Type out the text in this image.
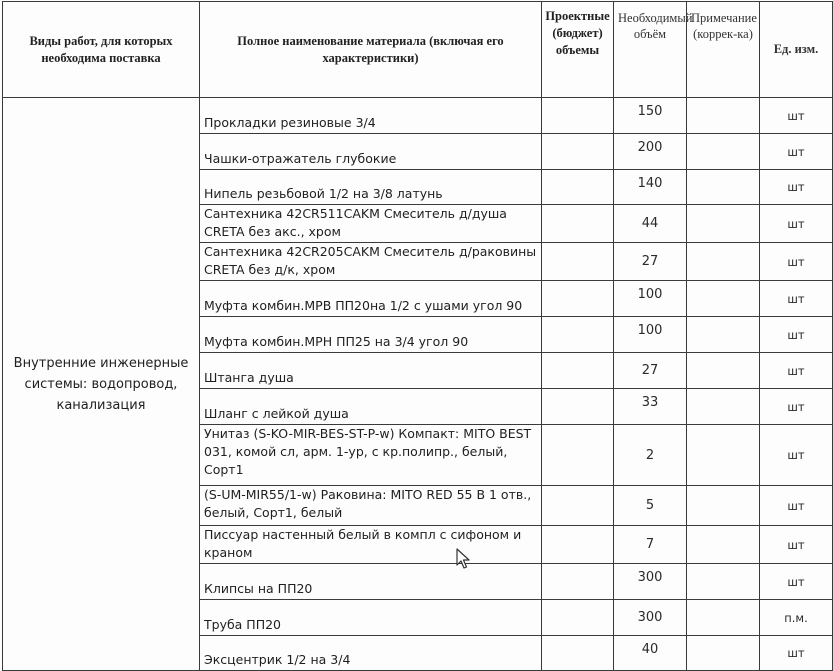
Виды работ, для которых необходима поставка	Полное наименование материала (включая его характеристики)	Проектные (бюджет) объемы	Необходимый объём	Примечание (коррек-ка)	Ед. изм.
Внутренние инженерные системы: водопровод, канализация	Прокладки резиновые 3/4		150		шт
	Чашки-отражатель глубокие		200		шт
	Нипель резьбовой 1/2 на 3/8 латунь		140		шт
	Сантехника 42CR511CAKM Смеситель д/душа CRETA без акс., хром		44		шт
	Сантехника 42CR205CAKM Смеситель д/раковины CRETA без д/к, хром		27		шт
	Муфта комбин.МРВ ПП20на 1/2 с ушами угол 90		100		шт
	Муфта комбин.МРН ПП25 на 3/4 угол 90		100		шт
	Штанга душа		27		шт
	Шланг с лейкой душа		33		шт
	Унитаз (S-KO-MIR-BES-ST-P-w) Компакт: MITO BEST 031, комой сл, арм. 1-ур, с кр.полипр., белый, Сорт1		2		шт
	(S-UM-MIR55/1-w) Раковина: MITO RED 55 B 1 отв., белый, Сорт1, белый		5		шт
	Писсуар настенный белый в компл с сифоном и краном		7		шт
	Клипсы на ПП20		300		шт
	Труба ПП20		300		п.м.
	Эксцентрик 1/2 на 3/4		40		шт
